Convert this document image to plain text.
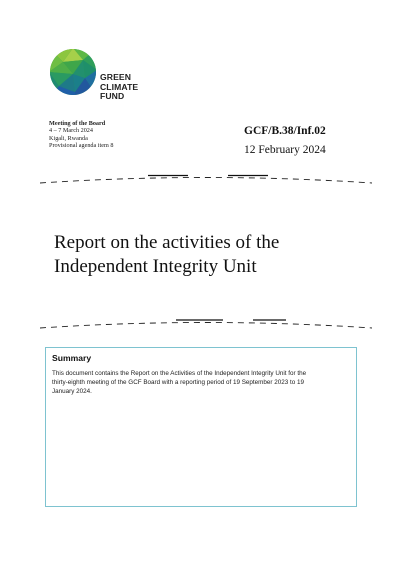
GREEN
CLIMATE
FUND
Meeting of the Board
4 – 7 March 2024
Kigali, Rwanda
Provisional agenda item 8
GCF/B.38/Inf.02
12 February 2024
Report on the activities of the
Independent Integrity Unit
Summary
This document contains the Report on the Activities of the Independent Integrity Unit for the
thirty-eighth meeting of the GCF Board with a reporting period of 19 September 2023 to 19
January 2024.
